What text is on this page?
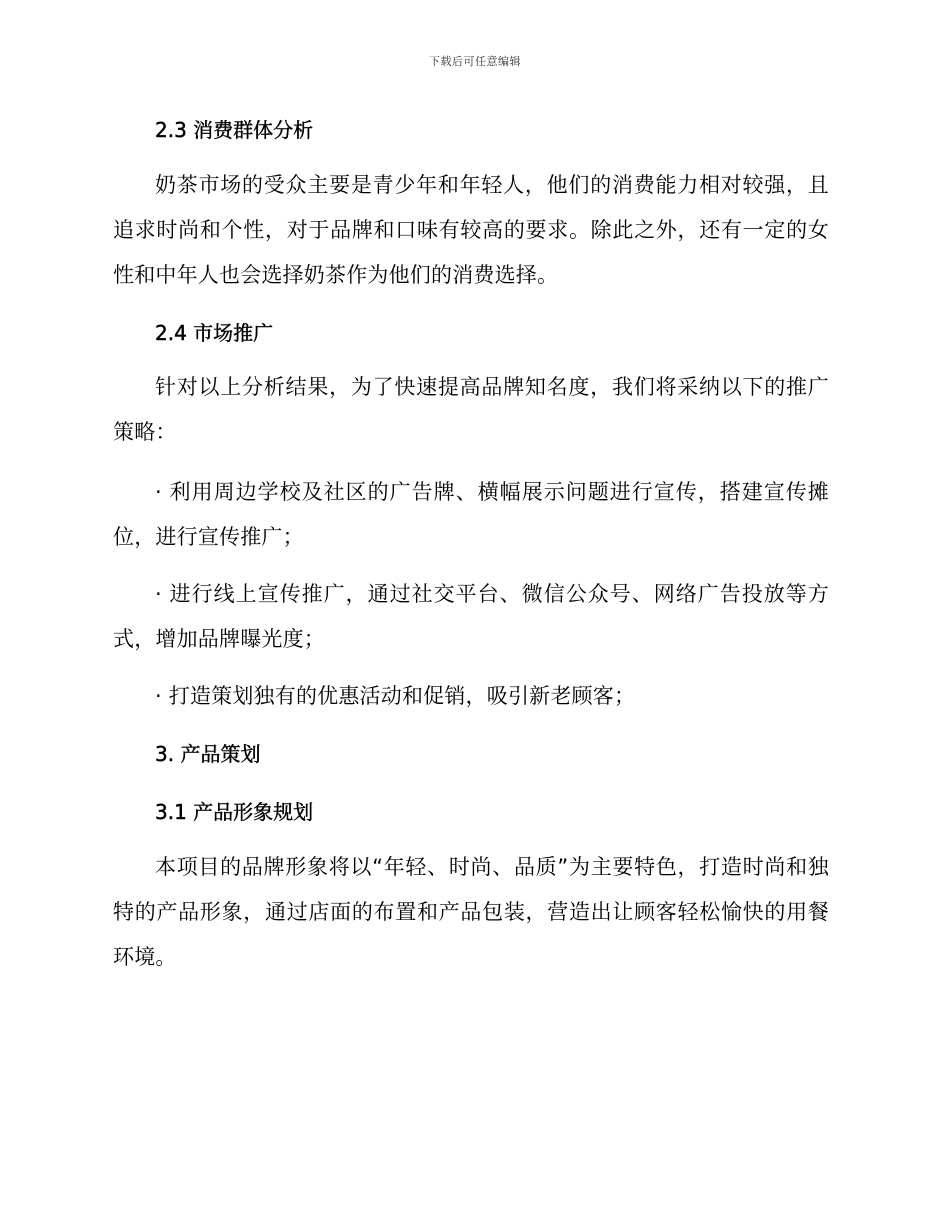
下载后可任意编辑
2.3 消费群体分析

奶茶市场的受众主要是青少年和年轻人，他们的消费能力相对较强，且追求时尚和个性，对于品牌和口味有较高的要求。除此之外，还有一定的女性和中年人也会选择奶茶作为他们的消费选择。

2.4 市场推广

针对以上分析结果，为了快速提高品牌知名度，我们将采纳以下的推广策略：

· 利用周边学校及社区的广告牌、横幅展示问题进行宣传，搭建宣传摊位，进行宣传推广；

· 进行线上宣传推广，通过社交平台、微信公众号、网络广告投放等方式，增加品牌曝光度；

· 打造策划独有的优惠活动和促销，吸引新老顾客；

3. 产品策划
3.1 产品形象规划

本项目的品牌形象将以“年轻、时尚、品质”为主要特色，打造时尚和独特的产品形象，通过店面的布置和产品包装，营造出让顾客轻松愉快的用餐环境。
